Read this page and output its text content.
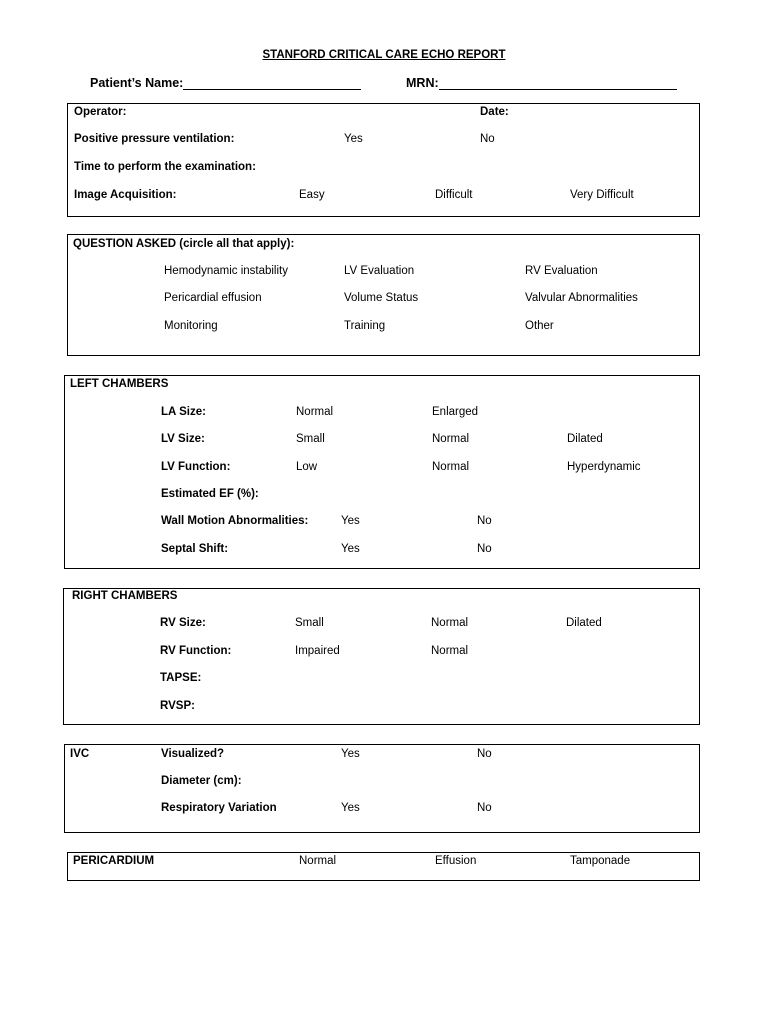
STANFORD CRITICAL CARE ECHO REPORT
Patient’s Name:	MRN:
Operator:	Date:
Positive pressure ventilation:	Yes	No
Time to perform the examination:
Image Acquisition:	Easy	Difficult	Very Difficult
QUESTION ASKED (circle all that apply):
Hemodynamic instability	LV Evaluation	RV Evaluation
Pericardial effusion	Volume Status	Valvular Abnormalities
Monitoring	Training	Other
LEFT CHAMBERS
LA Size:	Normal	Enlarged
LV Size:	Small	Normal	Dilated
LV Function:	Low	Normal	Hyperdynamic
Estimated EF (%):
Wall Motion Abnormalities:	Yes	No
Septal Shift:	Yes	No
RIGHT CHAMBERS
RV Size:	Small	Normal	Dilated
RV Function:	Impaired	Normal
TAPSE:
RVSP:
IVC	Visualized?	Yes	No
Diameter (cm):
Respiratory Variation	Yes	No
PERICARDIUM	Normal	Effusion	Tamponade
